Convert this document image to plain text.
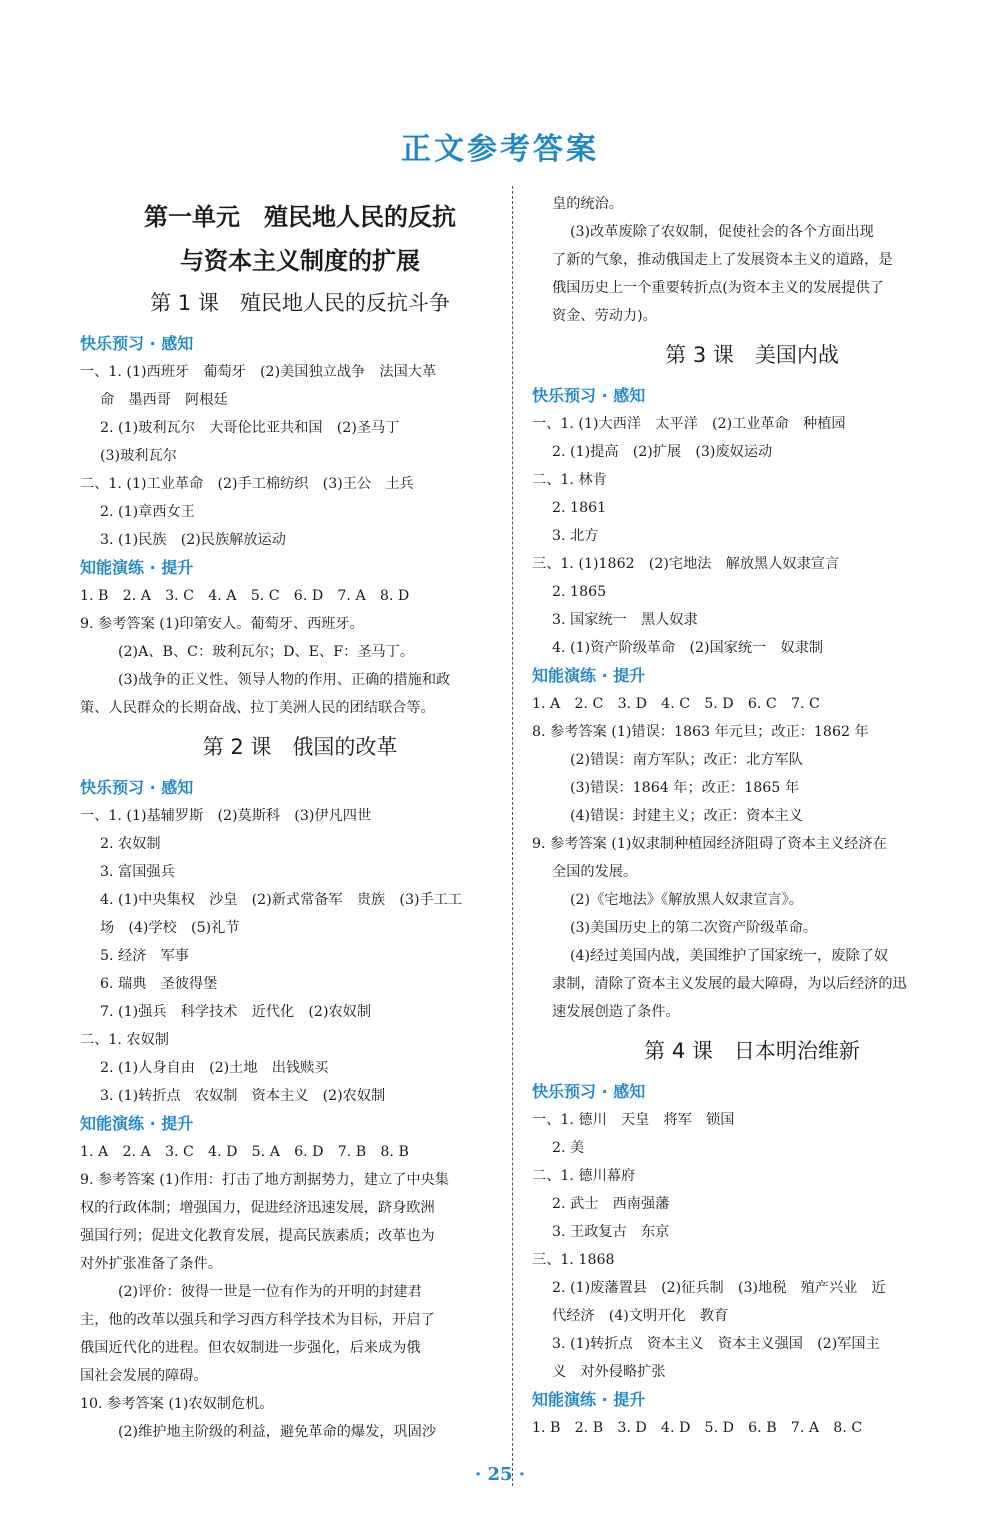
正文参考答案
第一单元　殖民地人民的反抗
与资本主义制度的扩展
第 1 课　殖民地人民的反抗斗争
快乐预习 · 感知
一、1. (1)西班牙　葡萄牙　(2)美国独立战争　法国大革
命　墨西哥　阿根廷
2. (1)玻利瓦尔　大哥伦比亚共和国　(2)圣马丁
(3)玻利瓦尔
二、1. (1)工业革命　(2)手工棉纺织　(3)王公　土兵
2. (1)章西女王
3. (1)民族　(2)民族解放运动
知能演练 · 提升
1. B　2. A　3. C　4. A　5. C　6. D　7. A　8. D
9. 参考答案 (1)印第安人。葡萄牙、西班牙。
(2)A、B、C：玻利瓦尔；D、E、F：圣马丁。
(3)战争的正义性、领导人物的作用、正确的措施和政
策、人民群众的长期奋战、拉丁美洲人民的团结联合等。
第 2 课　俄国的改革
快乐预习 · 感知
一、1. (1)基辅罗斯　(2)莫斯科　(3)伊凡四世
2. 农奴制
3. 富国强兵
4. (1)中央集权　沙皇　(2)新式常备军　贵族　(3)手工工
场　(4)学校　(5)礼节
5. 经济　军事
6. 瑞典　圣彼得堡
7. (1)强兵　科学技术　近代化　(2)农奴制
二、1. 农奴制
2. (1)人身自由　(2)土地　出钱赎买
3. (1)转折点　农奴制　资本主义　(2)农奴制
知能演练 · 提升
1. A　2. A　3. C　4. D　5. A　6. D　7. B　8. B
9. 参考答案 (1)作用：打击了地方割据势力，建立了中央集
权的行政体制；增强国力，促进经济迅速发展，跻身欧洲
强国行列；促进文化教育发展，提高民族素质；改革也为
对外扩张准备了条件。
(2)评价：彼得一世是一位有作为的开明的封建君
主，他的改革以强兵和学习西方科学技术为目标，开启了
俄国近代化的进程。但农奴制进一步强化，后来成为俄
国社会发展的障碍。
10. 参考答案 (1)农奴制危机。
(2)维护地主阶级的利益，避免革命的爆发，巩固沙
皇的统治。
(3)改革废除了农奴制，促使社会的各个方面出现
了新的气象，推动俄国走上了发展资本主义的道路，是
俄国历史上一个重要转折点(为资本主义的发展提供了
资金、劳动力)。
第 3 课　美国内战
快乐预习 · 感知
一、1. (1)大西洋　太平洋　(2)工业革命　种植园
2. (1)提高　(2)扩展　(3)废奴运动
二、1. 林肯
2. 1861
3. 北方
三、1. (1)1862　(2)宅地法　解放黑人奴隶宣言
2. 1865
3. 国家统一　黑人奴隶
4. (1)资产阶级革命　(2)国家统一　奴隶制
知能演练 · 提升
1. A　2. C　3. D　4. C　5. D　6. C　7. C
8. 参考答案 (1)错误：1863 年元旦；改正：1862 年
(2)错误：南方军队；改正：北方军队
(3)错误：1864 年；改正：1865 年
(4)错误：封建主义；改正：资本主义
9. 参考答案 (1)奴隶制种植园经济阻碍了资本主义经济在
全国的发展。
(2)《宅地法》《解放黑人奴隶宣言》。
(3)美国历史上的第二次资产阶级革命。
(4)经过美国内战，美国维护了国家统一，废除了奴
隶制，清除了资本主义发展的最大障碍，为以后经济的迅
速发展创造了条件。
第 4 课　日本明治维新
快乐预习 · 感知
一、1. 德川　天皇　将军　锁国
2. 美
二、1. 德川幕府
2. 武士　西南强藩
3. 王政复古　东京
三、1. 1868
2. (1)废藩置县　(2)征兵制　(3)地税　殖产兴业　近
代经济　(4)文明开化　教育
3. (1)转折点　资本主义　资本主义强国　(2)军国主
义　对外侵略扩张
知能演练 · 提升
1. B　2. B　3. D　4. D　5. D　6. B　7. A　8. C
· 25 ·
